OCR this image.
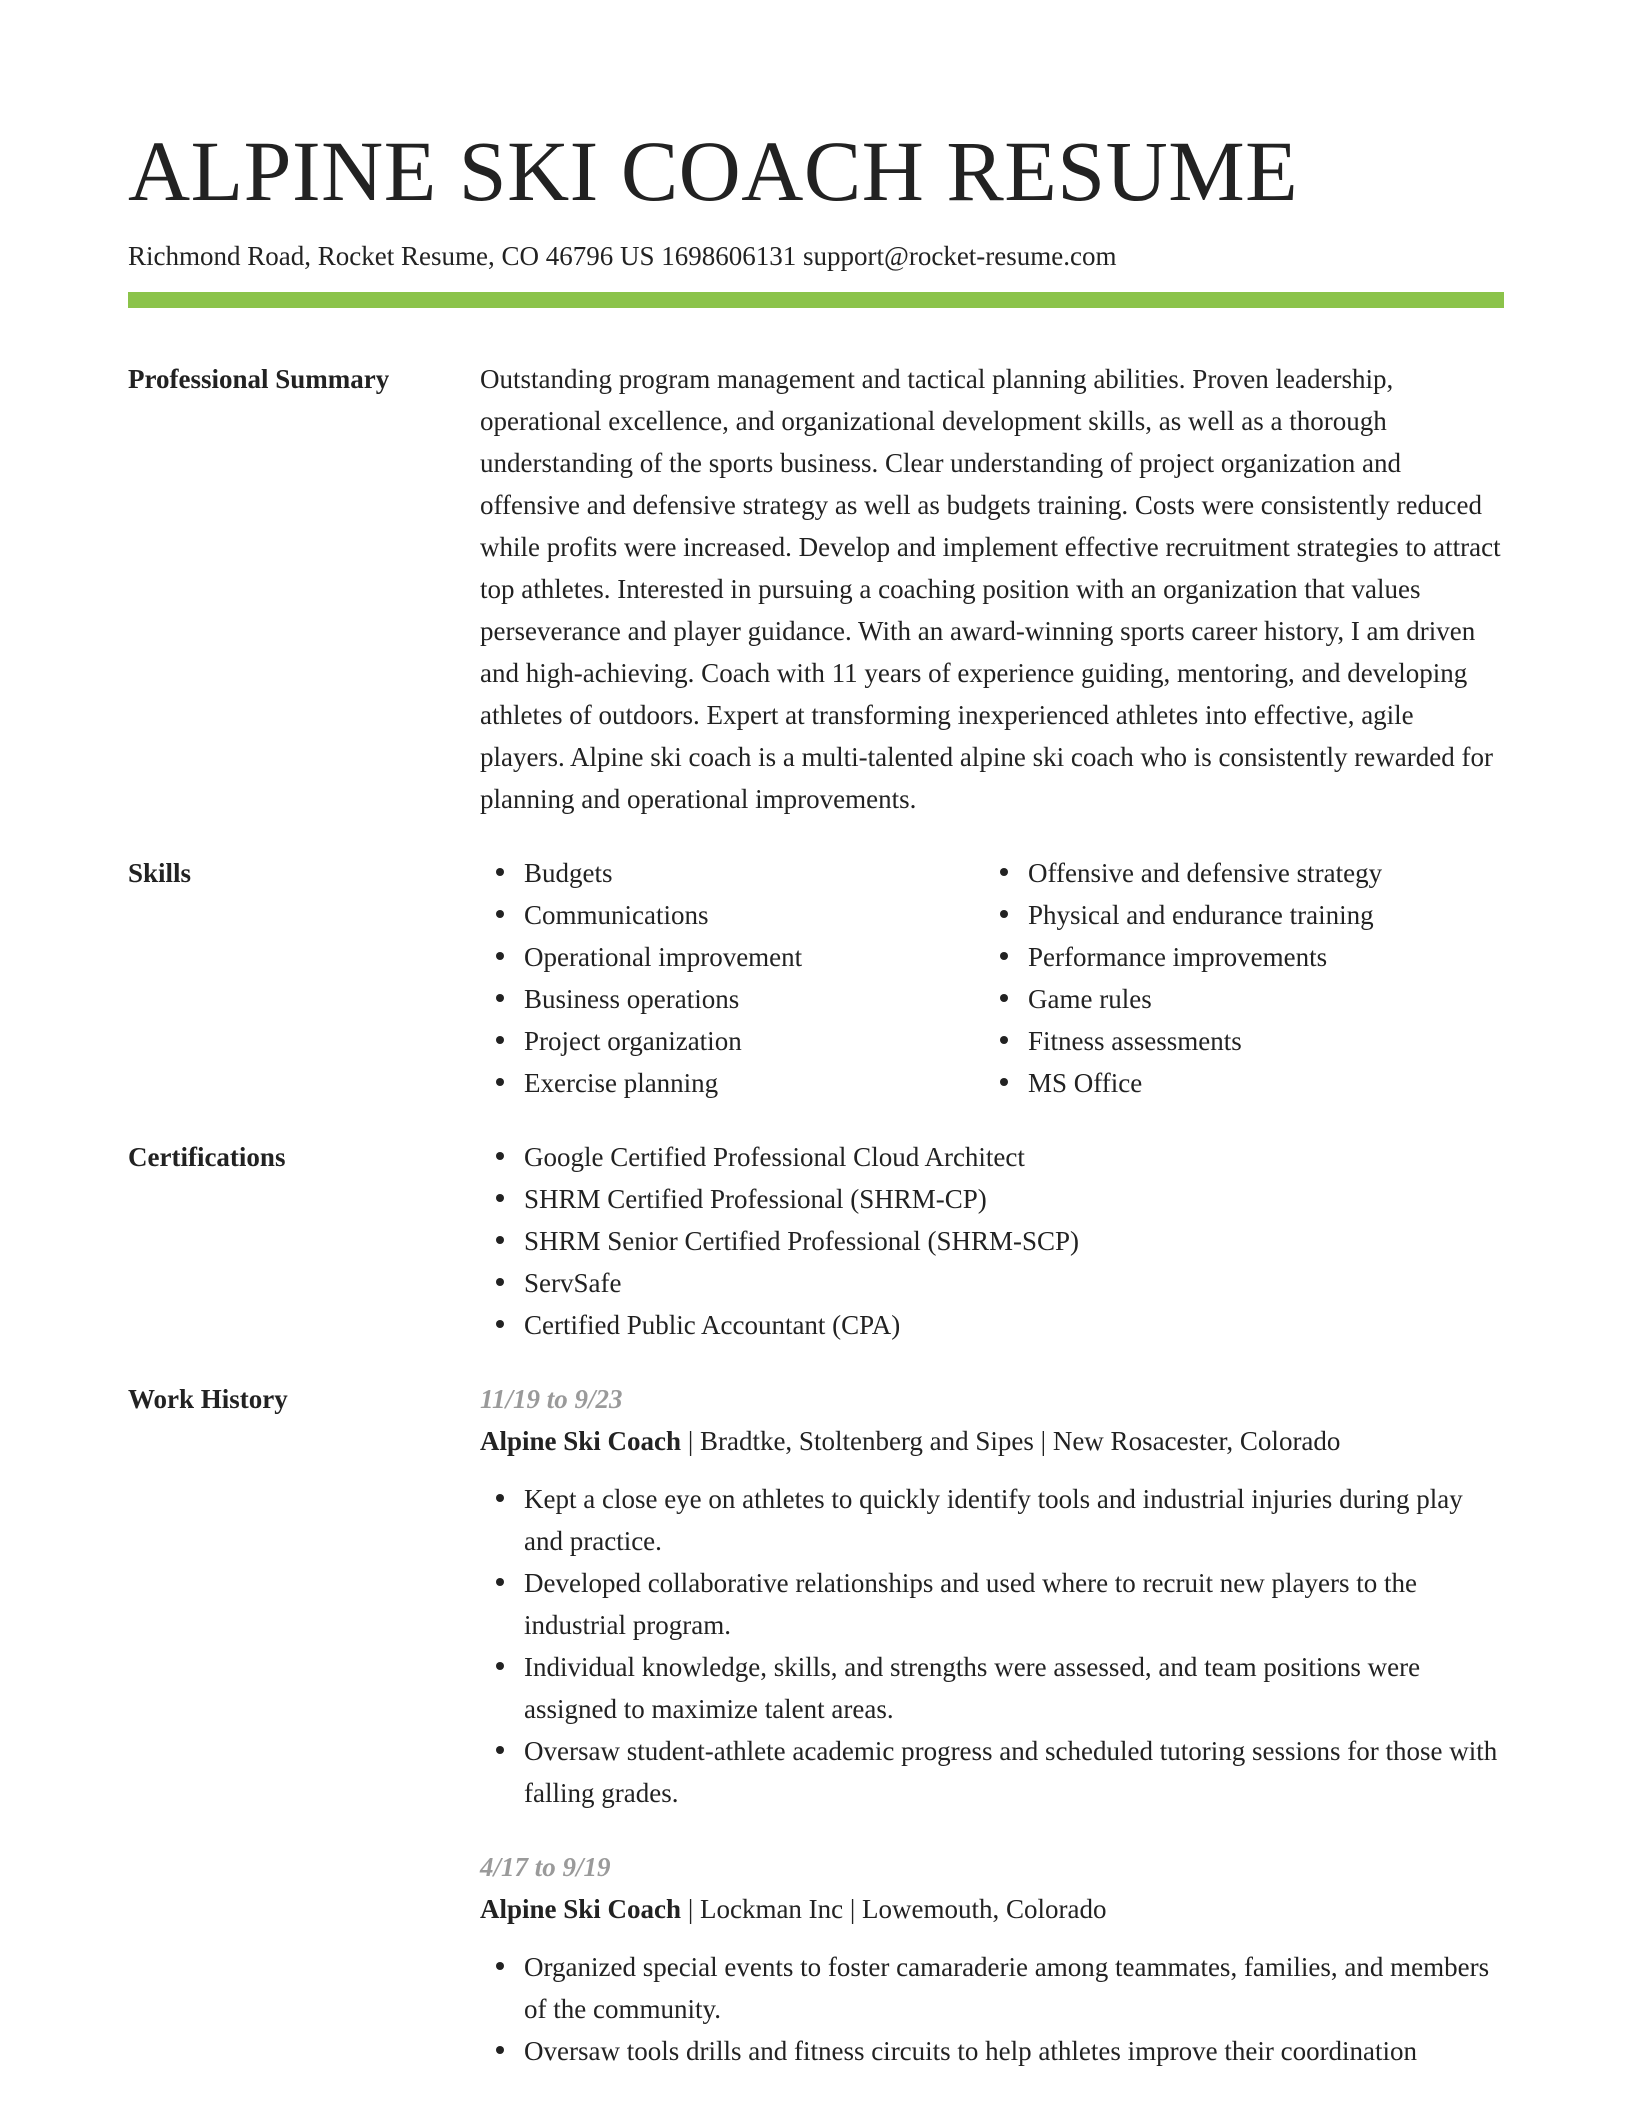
ALPINE SKI COACH RESUME
Richmond Road, Rocket Resume, CO 46796 US 1698606131 support@rocket-resume.com
Professional Summary	Outstanding program management and tactical planning abilities. Proven leadership, operational excellence, and organizational development skills, as well as a thorough understanding of the sports business. Clear understanding of project organization and offensive and defensive strategy as well as budgets training. Costs were consistently reduced while profits were increased. Develop and implement effective recruitment strategies to attract top athletes. Interested in pursuing a coaching position with an organization that values perseverance and player guidance. With an award-winning sports career history, I am driven and high-achieving. Coach with 11 years of experience guiding, mentoring, and developing athletes of outdoors. Expert at transforming inexperienced athletes into effective, agile players. Alpine ski coach is a multi-talented alpine ski coach who is consistently rewarded for planning and operational improvements.

Skills	Budgets
Communications
Operational improvement
Business operations
Project organization
Exercise planning
Offensive and defensive strategy
Physical and endurance training
Performance improvements
Game rules
Fitness assessments
MS Office
Certifications	Google Certified Professional Cloud Architect
SHRM Certified Professional (SHRM-CP)
SHRM Senior Certified Professional (SHRM-SCP)
ServSafe
Certified Public Accountant (CPA)
Work History	11/19 to 9/23
Alpine Ski Coach | Bradtke, Stoltenberg and Sipes | New Rosacester, Colorado
Kept a close eye on athletes to quickly identify tools and industrial injuries during play and practice.
Developed collaborative relationships and used where to recruit new players to the industrial program.
Individual knowledge, skills, and strengths were assessed, and team positions were assigned to maximize talent areas.
Oversaw student-athlete academic progress and scheduled tutoring sessions for those with falling grades.
4/17 to 9/19
Alpine Ski Coach | Lockman Inc | Lowemouth, Colorado
Organized special events to foster camaraderie among teammates, families, and members of the community.
Oversaw tools drills and fitness circuits to help athletes improve their coordination
